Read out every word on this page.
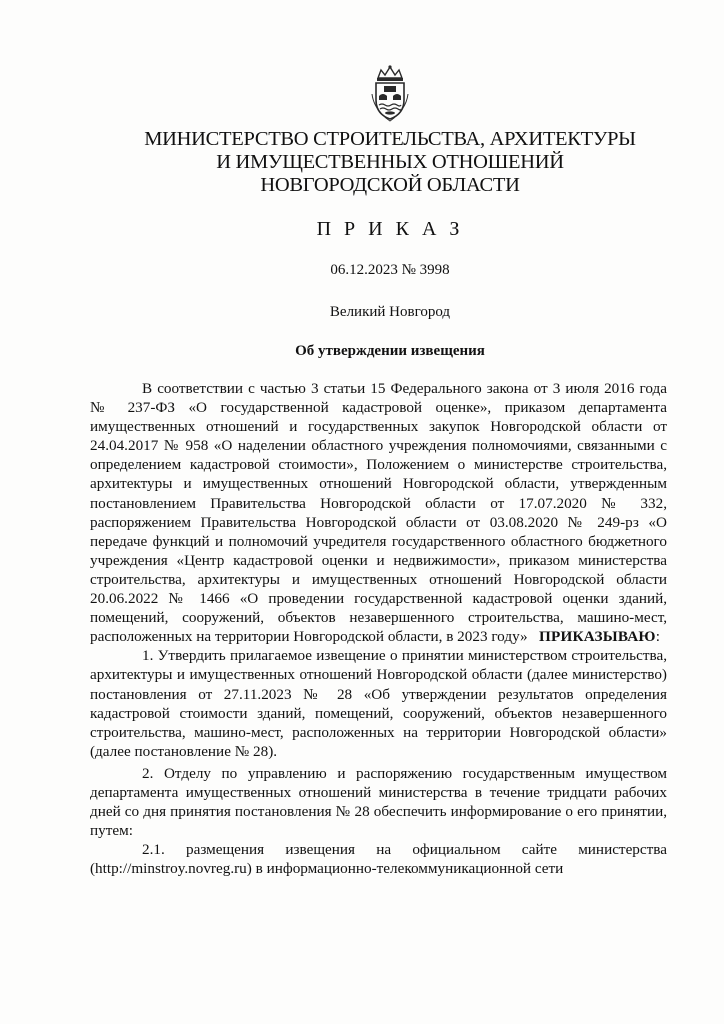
МИНИСТЕРСТВО СТРОИТЕЛЬСТВА, АРХИТЕКТУРЫ
И ИМУЩЕСТВЕННЫХ ОТНОШЕНИЙ
НОВГОРОДСКОЙ ОБЛАСТИ
П Р И К А З
06.12.2023 № 3998
Великий Новгород
Об утверждении извещения

В соответствии с частью 3 статьи 15 Федерального закона от 3 июля 2016 года № 237-ФЗ «О государственной кадастровой оценке», приказом департамента имущественных отношений и государственных закупок Новгородской области от 24.04.2017 № 958 «О наделении областного учреждения полномочиями, связанными с определением кадастровой стоимости», Положением о министерстве строительства, архитектуры и имущественных отношений Новгородской области, утвержденным постановлением Правительства Новгородской области от 17.07.2020 № 332, распоряжением Правительства Новгородской области от 03.08.2020 № 249-рз «О передаче функций и полномочий учредителя государственного областного бюджетного учреждения «Центр кадастровой оценки и недвижимости», приказом министерства строительства, архитектуры и имущественных отношений Новгородской области 20.06.2022 № 1466 «О проведении государственной кадастровой оценки зданий, помещений, сооружений, объектов незавершенного строительства, машино-мест, расположенных на территории Новгородской области, в 2023 году» ПРИКАЗЫВАЮ:

1. Утвердить прилагаемое извещение о принятии министерством строительства, архитектуры и имущественных отношений Новгородской области (далее министерство) постановления от 27.11.2023 № 28 «Об утверждении результатов определения кадастровой стоимости зданий, помещений, сооружений, объектов незавершенного строительства, машино-мест, расположенных на территории Новгородской области» (далее постановление № 28).

2. Отделу по управлению и распоряжению государственным имуществом департамента имущественных отношений министерства в течение тридцати рабочих дней со дня принятия постановления № 28 обеспечить информирование о его принятии, путем:

2.1. размещения извещения на официальном сайте министерства (http://minstroy.novreg.ru) в информационно-телекоммуникационной сети
